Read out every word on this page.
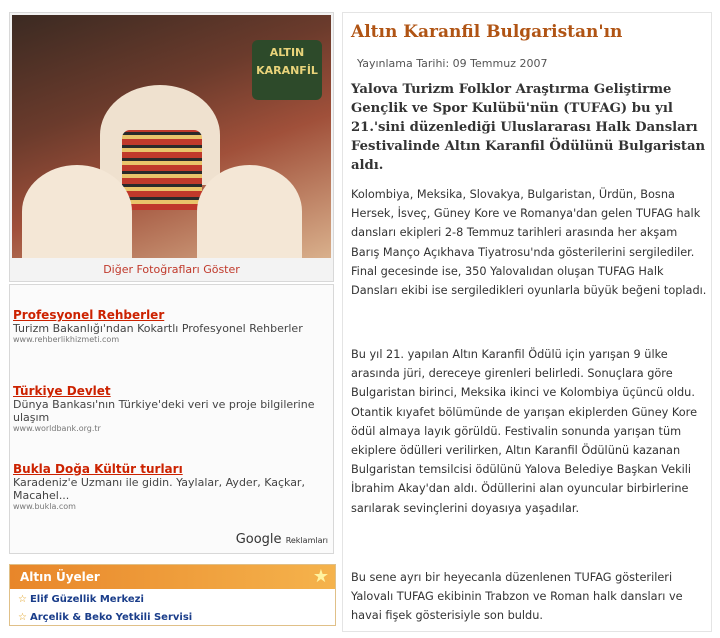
ALTIN KARANFİL
Diğer Fotoğrafları Göster
Profesyonel Rehberler
Turizm Bakanlığı'ndan Kokartlı Profesyonel Rehberler
www.rehberlikhizmeti.com
Türkiye Devlet
Dünya Bankası'nın Türkiye'deki veri ve proje bilgilerine ulaşım
www.worldbank.org.tr
Bukla Doğa Kültür turları
Karadeniz'e Uzmanı ile gidin. Yaylalar, Ayder, Kaçkar, Macahel...
www.bukla.com
Google Reklamları
Altın Üyeler	★
☆ Elif Güzellik Merkezi
☆ Arçelik & Beko Yetkili Servisi
Altın Karanfil Bulgaristan'ın
Yayınlama Tarihi: 09 Temmuz 2007

Yalova Turizm Folklor Araştırma Geliştirme Gençlik ve Spor Kulübü'nün (TUFAG) bu yıl 21.'sini düzenlediği Uluslararası Halk Dansları Festivalinde Altın Karanfil Ödülünü Bulgaristan aldı.

Kolombiya, Meksika, Slovakya, Bulgaristan, Ürdün, Bosna Hersek, İsveç, Güney Kore ve Romanya'dan gelen TUFAG halk dansları ekipleri 2-8 Temmuz tarihleri arasında her akşam Barış Manço Açıkhava Tiyatrosu'nda gösterilerini sergilediler. Final gecesinde ise, 350 Yalovalıdan oluşan TUFAG Halk Dansları ekibi ise sergiledikleri oyunlarla büyük beğeni topladı.

Bu yıl 21. yapılan Altın Karanfil Ödülü için yarışan 9 ülke arasında jüri, dereceye girenleri belirledi. Sonuçlara göre Bulgaristan birinci, Meksika ikinci ve Kolombiya üçüncü oldu. Otantik kıyafet bölümünde de yarışan ekiplerden Güney Kore ödül almaya layık görüldü. Festivalin sonunda yarışan tüm ekiplere ödülleri verilirken, Altın Karanfil Ödülünü kazanan Bulgaristan temsilcisi ödülünü Yalova Belediye Başkan Vekili İbrahim Akay'dan aldı. Ödüllerini alan oyuncular birbirlerine sarılarak sevinçlerini doyasıya yaşadılar.

Bu sene ayrı bir heyecanla düzenlenen TUFAG gösterileri Yalovalı TUFAG ekibinin Trabzon ve Roman halk dansları ve havai fişek gösterisiyle son buldu.
